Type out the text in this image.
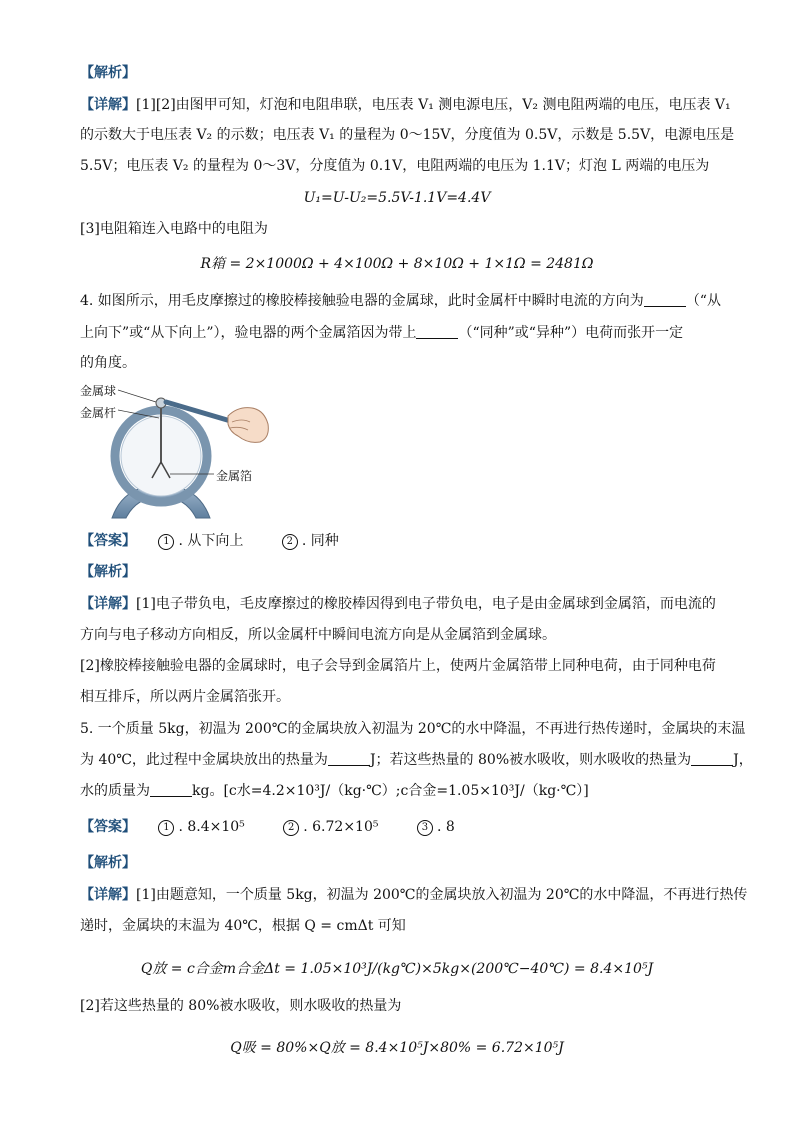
【解析】
【详解】[1][2]由图甲可知，灯泡和电阻串联，电压表 V₁ 测电源电压，V₂ 测电阻两端的电压，电压表 V₁
的示数大于电压表 V₂ 的示数；电压表 V₁ 的量程为 0～15V，分度值为 0.5V，示数是 5.5V，电源电压是
5.5V；电压表 V₂ 的量程为 0～3V，分度值为 0.1V，电阻两端的电压为 1.1V；灯泡 L 两端的电压为
U₁=U-U₂=5.5V-1.1V=4.4V
[3]电阻箱连入电路中的电阻为
R箱 = 2×1000Ω + 4×100Ω + 8×10Ω + 1×1Ω = 2481Ω
4. 如图所示，用毛皮摩擦过的橡胶棒接触验电器的金属球，此时金属杆中瞬时电流的方向为	（“从
上向下”或“从下向上”），验电器的两个金属箔因为带上	（“同种”或“异种”）电荷而张开一定
的角度。
金属球
金属杆
金属箔
【答案】	1 . 从下向上	2 . 同种
【解析】
【详解】[1]电子带负电，毛皮摩擦过的橡胶棒因得到电子带负电，电子是由金属球到金属箔，而电流的
方向与电子移动方向相反，所以金属杆中瞬间电流方向是从金属箔到金属球。
[2]橡胶棒接触验电器的金属球时，电子会导到金属箔片上，使两片金属箔带上同种电荷，由于同种电荷
相互排斥，所以两片金属箔张开。
5. 一个质量 5kg，初温为 200℃的金属块放入初温为 20℃的水中降温，不再进行热传递时，金属块的末温
为 40℃，此过程中金属块放出的热量为	J；若这些热量的 80%被水吸收，则水吸收的热量为	J，
水的质量为	kg。[c水=4.2×10³J/（kg·℃）;c合金=1.05×10³J/（kg·℃）]
【答案】	1 . 8.4×10⁵	2 . 6.72×10⁵	3 . 8
【解析】
【详解】[1]由题意知，一个质量 5kg，初温为 200℃的金属块放入初温为 20℃的水中降温，不再进行热传
递时，金属块的末温为 40℃，根据 Q = cmΔt 可知
Q放 = c合金m合金Δt = 1.05×10³J/(kg℃)×5kg×(200℃−40℃) = 8.4×10⁵J
[2]若这些热量的 80%被水吸收，则水吸收的热量为
Q吸 = 80%×Q放 = 8.4×10⁵J×80% = 6.72×10⁵J
